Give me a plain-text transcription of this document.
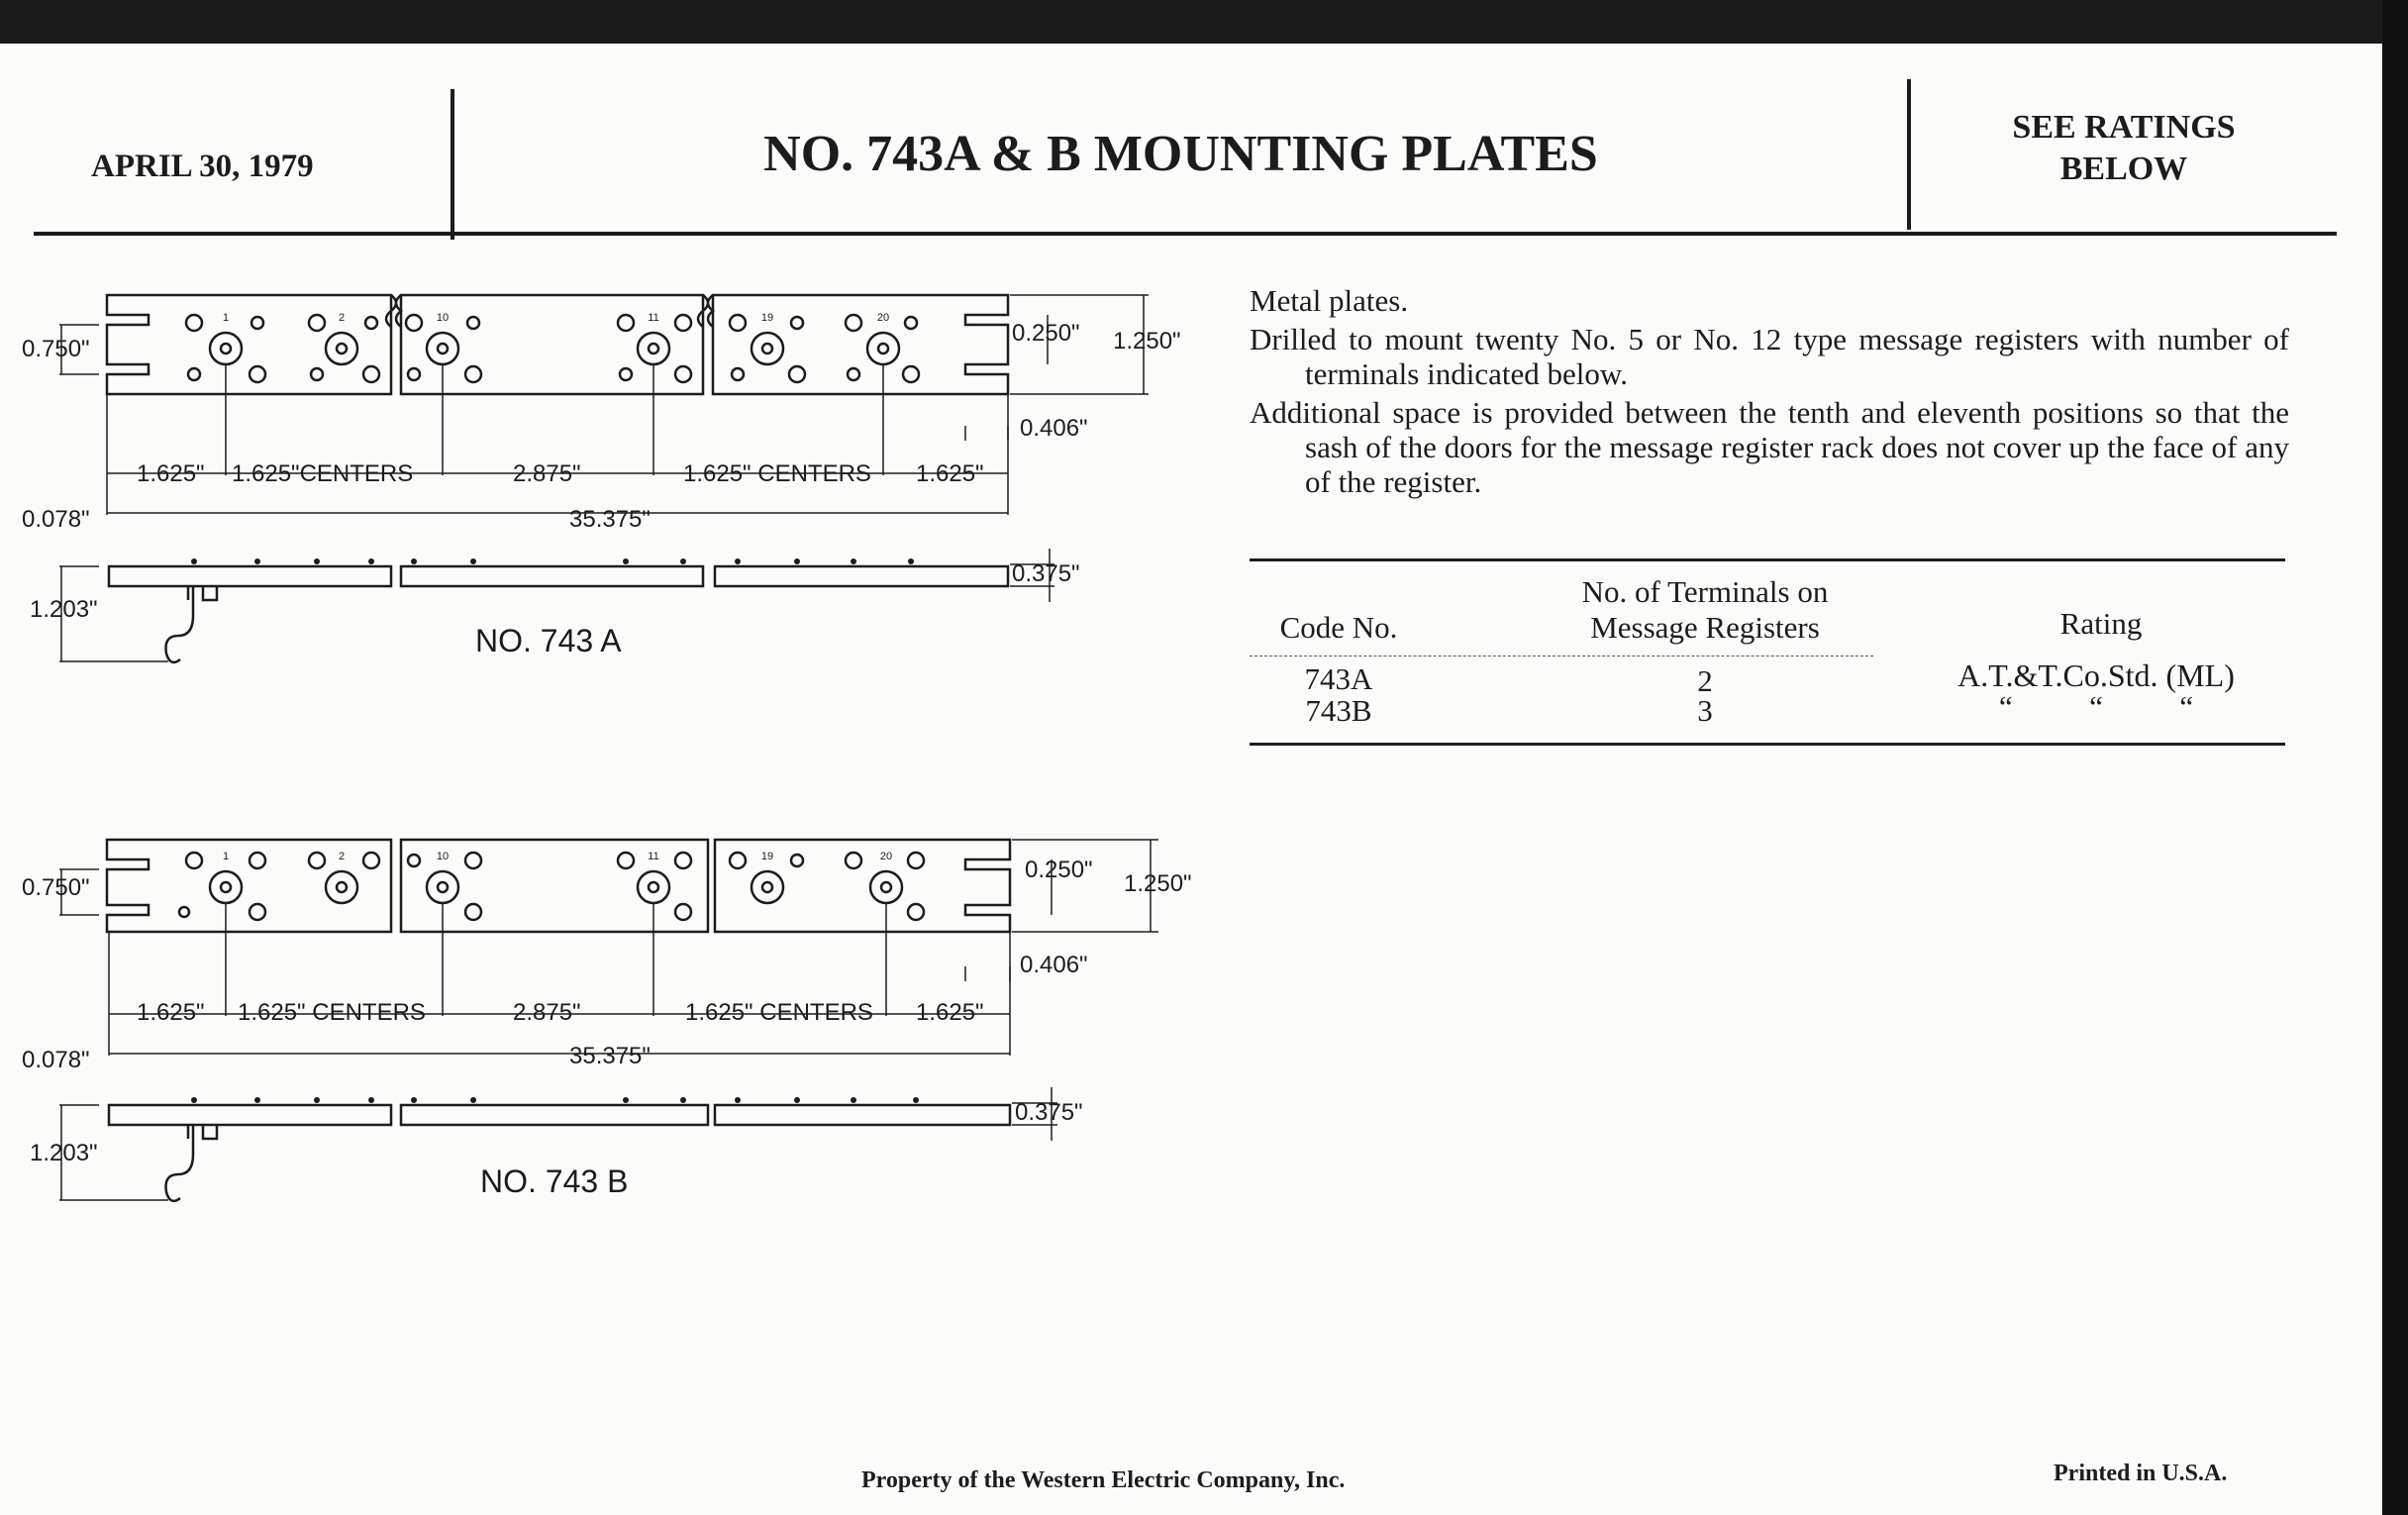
APRIL 30, 1979	NO. 743A & B MOUNTING PLATES	SEE RATINGS
BELOW
1	2	10	11	19	20
0.750"
0.250" 1.250"
0.406"
1.625" 1.625"CENTERS	2.875"	1.625" CENTERS 1.625"
0.078"	35.375"
0.375"
1.203"
NO. 743 A
1	2	10	11	19	20
0.750"
0.250"
1.250"
0.406"
1.625" 1.625" CENTERS	2.875"	1.625" CENTERS 1.625"
0.078"	35.375"
0.375"
1.203"
NO. 743 B

Metal plates.

Drilled to mount twenty No. 5 or No. 12 type message registers with number of terminals indicated below.

Additional space is provided between the tenth and eleventh positions so that the sash of the doors for the message register rack does not cover up the face of any of the register.

Code No.
No. of Terminals on
Message Registers	Rating
743A	2	A.T.&T.Co.Std. (ML)
743B	3	“          “          “
Property of the Western Electric Company, Inc.	Printed in U.S.A.
